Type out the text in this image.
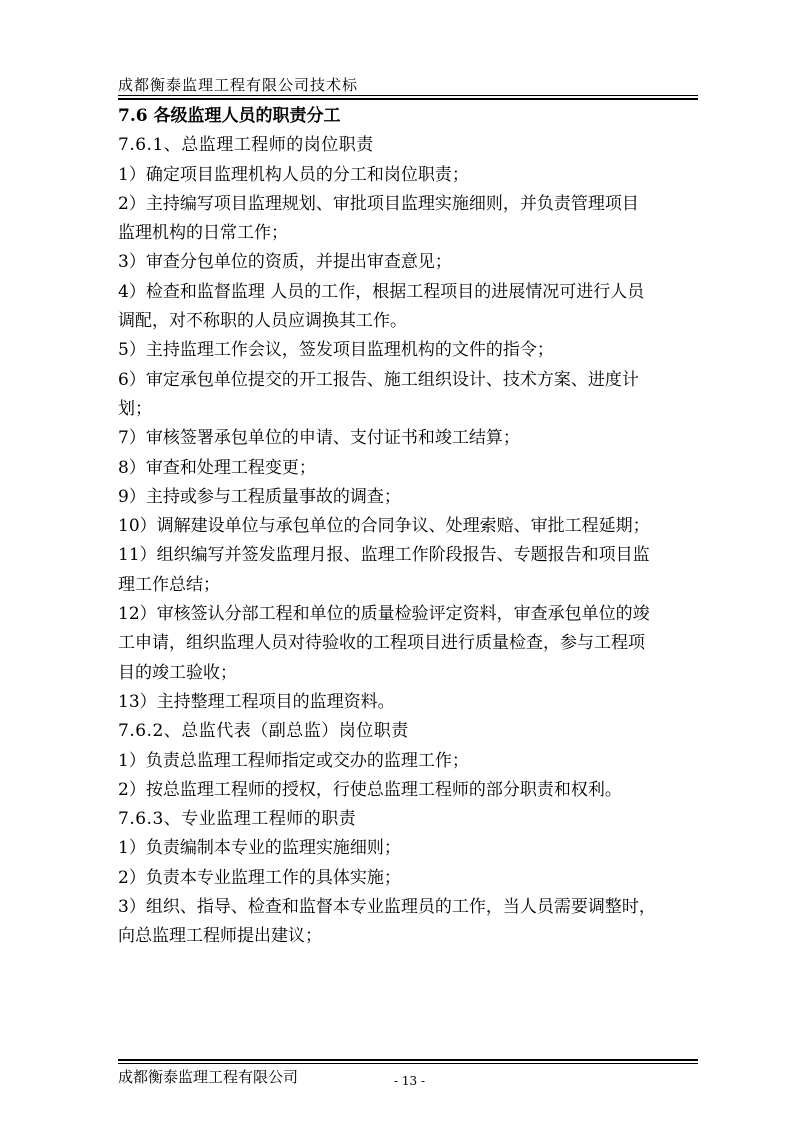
成都衡泰监理工程有限公司技术标
7.6 各级监理人员的职责分工
7.6.1、总监理工程师的岗位职责
1）确定项目监理机构人员的分工和岗位职责；
2）主持编写项目监理规划、审批项目监理实施细则，并负责管理项目
监理机构的日常工作；
3）审查分包单位的资质，并提出审查意见；
4）检查和监督监理 人员的工作，根据工程项目的进展情况可进行人员
调配，对不称职的人员应调换其工作。
5）主持监理工作会议，签发项目监理机构的文件的指令；
6）审定承包单位提交的开工报告、施工组织设计、技术方案、进度计
划；
7）审核签署承包单位的申请、支付证书和竣工结算；
8）审查和处理工程变更；
9）主持或参与工程质量事故的调查；
10）调解建设单位与承包单位的合同争议、处理索赔、审批工程延期；
11）组织编写并签发监理月报、监理工作阶段报告、专题报告和项目监
理工作总结；
12）审核签认分部工程和单位的质量检验评定资料，审查承包单位的竣
工申请，组织监理人员对待验收的工程项目进行质量检查，参与工程项
目的竣工验收；
13）主持整理工程项目的监理资料。
7.6.2、总监代表（副总监）岗位职责
1）负责总监理工程师指定或交办的监理工作；
2）按总监理工程师的授权，行使总监理工程师的部分职责和权利。
7.6.3、专业监理工程师的职责
1）负责编制本专业的监理实施细则；
2）负责本专业监理工作的具体实施；
3）组织、指导、检查和监督本专业监理员的工作，当人员需要调整时，
向总监理工程师提出建议；
成都衡泰监理工程有限公司	- 13 -
